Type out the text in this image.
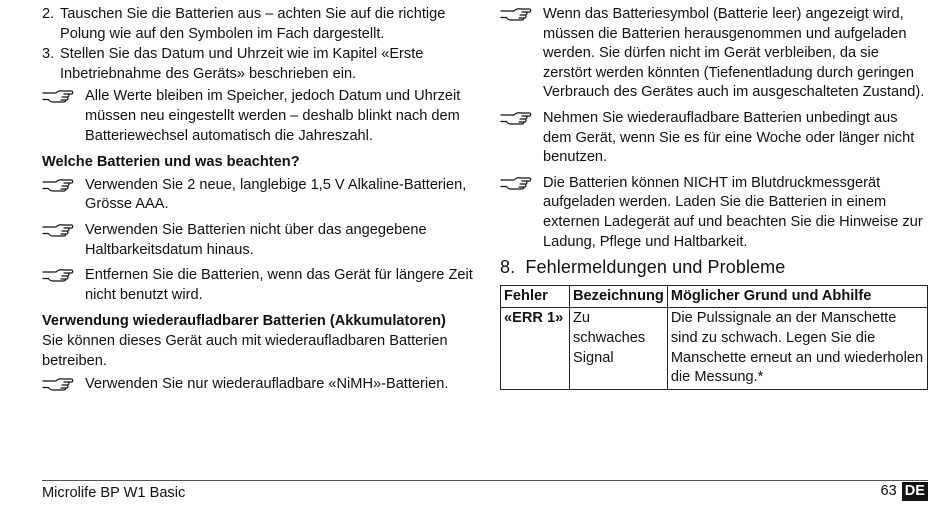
2. Tauschen Sie die Batterien aus – achten Sie auf die richtige Polung wie auf den Symbolen im Fach dargestellt.
3. Stellen Sie das Datum und Uhrzeit wie im Kapitel «Erste Inbetriebnahme des Geräts» beschrieben ein.
Alle Werte bleiben im Speicher, jedoch Datum und Uhrzeit müssen neu eingestellt werden – deshalb blinkt nach dem Batteriewechsel automatisch die Jahreszahl.
Welche Batterien und was beachten?
Verwenden Sie 2 neue, langlebige 1,5 V Alkaline-Batterien, Grösse AAA.
Verwenden Sie Batterien nicht über das angegebene Haltbarkeitsdatum hinaus.
Entfernen Sie die Batterien, wenn das Gerät für längere Zeit nicht benutzt wird.
Verwendung wiederaufladbarer Batterien (Akkumulatoren)
Sie können dieses Gerät auch mit wiederaufladbaren Batterien betreiben.
Verwenden Sie nur wiederaufladbare «NiMH»-Batterien.
Wenn das Batteriesymbol (Batterie leer) angezeigt wird, müssen die Batterien herausgenommen und aufgeladen werden. Sie dürfen nicht im Gerät verbleiben, da sie zerstört werden könnten (Tiefenentladung durch geringen Verbrauch des Gerätes auch im ausgeschalteten Zustand).
Nehmen Sie wiederaufladbare Batterien unbedingt aus dem Gerät, wenn Sie es für eine Woche oder länger nicht benutzen.
Die Batterien können NICHT im Blutdruckmessgerät aufgeladen werden. Laden Sie die Batterien in einem externen Ladegerät auf und beachten Sie die Hinweise zur Ladung, Pflege und Haltbarkeit.
8.  Fehlermeldungen und Probleme
Fehler	Bezeichnung	Möglicher Grund und Abhilfe
«ERR 1»	Zu schwaches Signal	Die Pulssignale an der Manschette sind zu schwach. Legen Sie die Manschette erneut an und wiederholen die Messung.*
Microlife BP W1 Basic	63 DE
